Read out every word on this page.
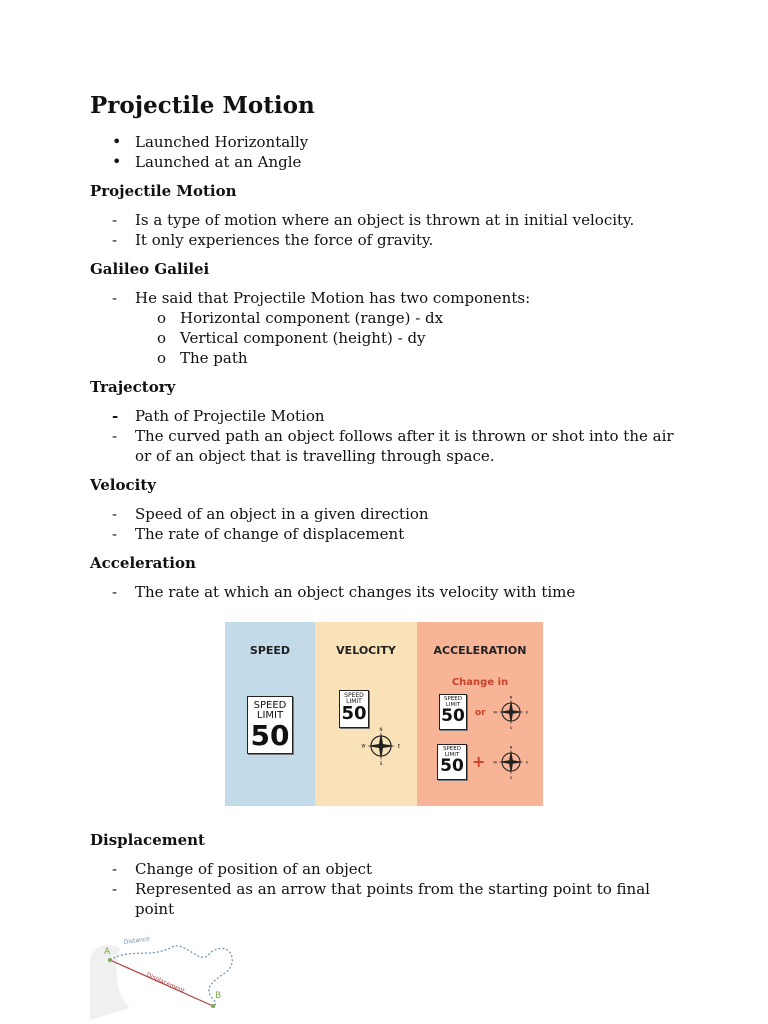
Projectile Motion
• Launched Horizontally
• Launched at an Angle
Projectile Motion
-	Is a type of motion where an object is thrown at in initial velocity.
-	It only experiences the force of gravity.
Galileo Galilei
-	He said that Projectile Motion has two components:
o Horizontal component (range) - dx
o Vertical component (height) - dy
o The path
Trajectory
-	Path of Projectile Motion
-	The curved path an object follows after it is thrown or shot into the air
or of an object that is travelling through space.
Velocity
-	Speed of an object in a given direction
-	The rate of change of displacement
Acceleration
-	The rate at which an object changes its velocity with time
Displacement
-	Change of position of an object
-	Represented as an arrow that points from the starting point to final
point
SPEED
SPEED
LIMIT
50
VELOCITY
SPEED
LIMIT
50
N
S
E
W
ACCELERATION
Change in
SPEED
LIMIT
50 or
N
S
E
W
SPEED
LIMIT
50 +
N
S
E
W
A
B
Distance
Displacement
